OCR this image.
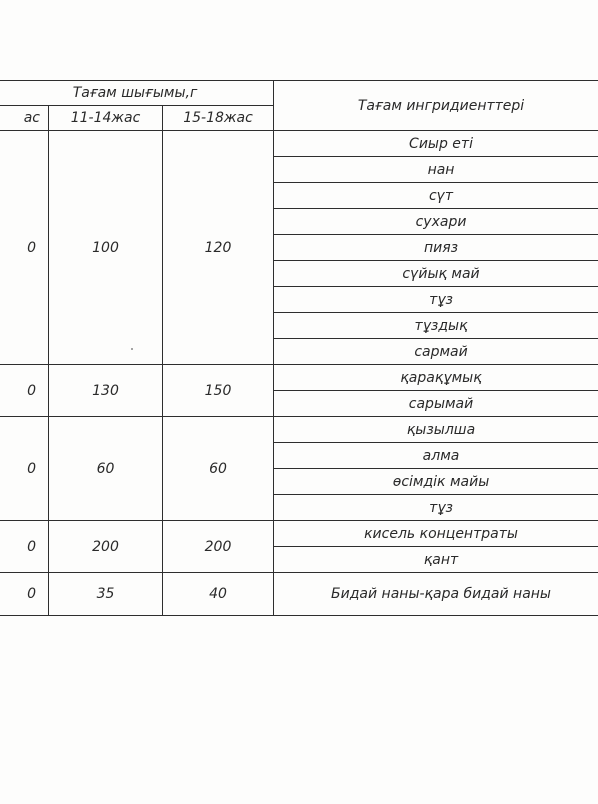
Тағам шығымы,г			Тағам ингридиенттері
ас	11-14жас	15-18жас	
0	100	120	Сиыр еті
			нан
			сүт
			сухари
			пияз
			сүйық май
			тұз
			тұздық
			сармай
0	130	150	қарақұмық
			сарымай
0	60	60	қызылша
			алма
			өсімдік майы
			тұз
0	200	200	кисель концентраты
			қант
0	35	40	Бидай наны-қара бидай наны
